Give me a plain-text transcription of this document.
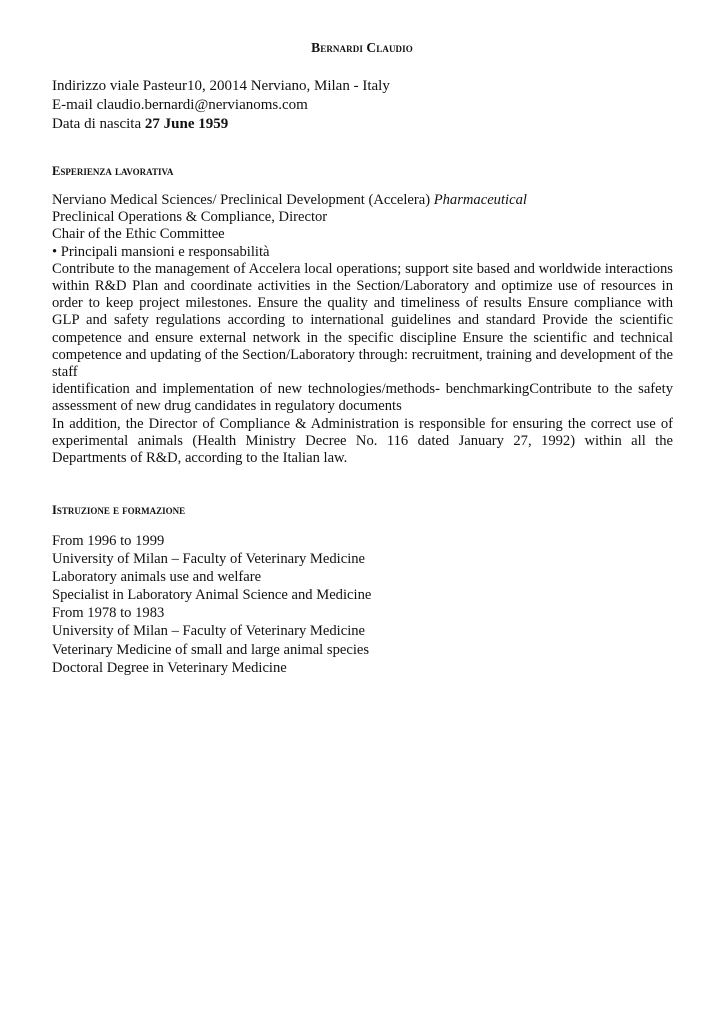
Bernardi Claudio
Indirizzo viale Pasteur10, 20014 Nerviano, Milan - Italy
E-mail claudio.bernardi@nervianoms.com
Data di nascita 27 June 1959
Esperienza lavorativa
Nerviano Medical Sciences/ Preclinical Development (Accelera) Pharmaceutical
Preclinical Operations & Compliance, Director
Chair of the Ethic Committee
• Principali mansioni e responsabilità
Contribute to the management of Accelera local operations; support site based and worldwide interactions within R&D Plan and coordinate activities in the Section/Laboratory and optimize use of resources in order to keep project milestones. Ensure the quality and timeliness of results Ensure compliance with GLP and safety regulations according to international guidelines and standard Provide the scientific competence and ensure external network in the specific discipline Ensure the scientific and technical competence and updating of the Section/Laboratory through: recruitment, training and development of the staff
identification and implementation of new technologies/methods- benchmarkingContribute to the safety assessment of new drug candidates in regulatory documents
In addition, the Director of Compliance & Administration is responsible for ensuring the correct use of experimental animals (Health Ministry Decree No. 116 dated January 27, 1992) within all the Departments of R&D, according to the Italian law.
Istruzione e formazione
From 1996 to 1999
University of Milan – Faculty of Veterinary Medicine
Laboratory animals use and welfare
Specialist in Laboratory Animal Science and Medicine
From 1978 to 1983
University of Milan – Faculty of Veterinary Medicine
Veterinary Medicine of small and large animal species
Doctoral Degree in Veterinary Medicine
